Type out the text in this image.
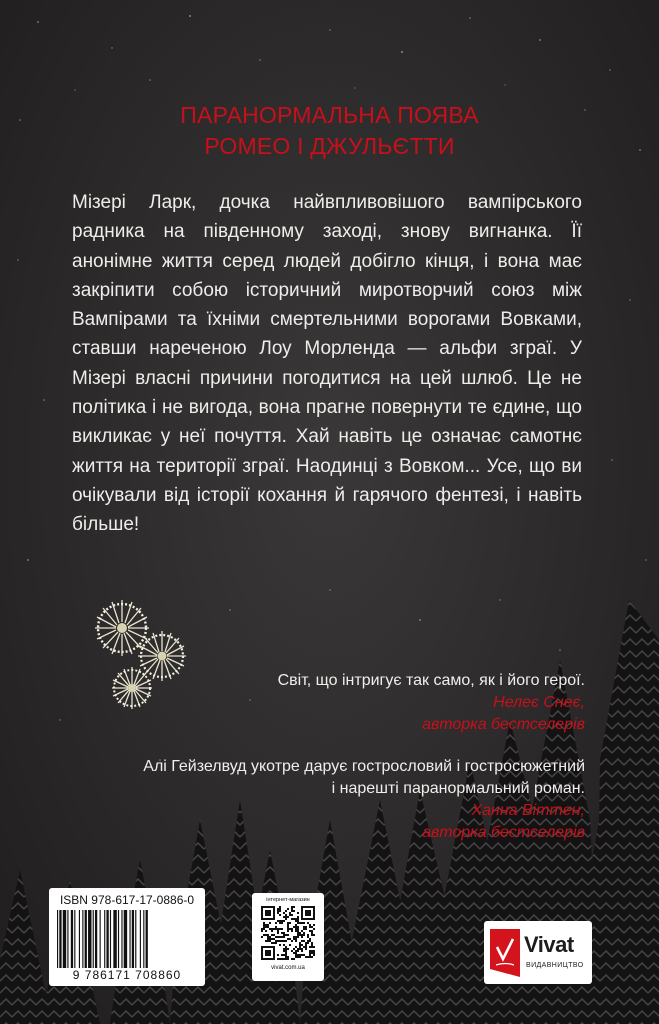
ПАРАНОРМАЛЬНА ПОЯВА
РОМЕО І ДЖУЛЬЄТТИ

Мізері Ларк, дочка найвпливовішого вампірського радника на південному заході, знову вигнанка. Її анонімне життя серед людей добігло кінця, і вона має закріпити собою історичний миротворчий союз між Вампірами та їхніми смертельними ворогами Вовками, ставши нареченою Лоу Морленда — альфи зграї. У Мізері власні причини погодитися на цей шлюб. Це не політика і не вигода, вона прагне повернути те єдине, що викликає у неї почуття. Хай навіть це означає самотнє життя на території зграї. Наодинці з Вовком... Усе, що ви очікували від історії кохання й гарячого фентезі, і навіть більше!

Світ, що інтригує так само, як і його герої.
Нелеє Снеє,
авторка бестселерів
Алі Гейзелвуд укотре дарує гострословий і гостросюжетний
і нарешті паранормальний роман.
Ханна Віттен,
авторка бестселерів
ISBN 978-617-17-0886-0
9 786171 708860
інтернет-магазин
vivat.com.ua
Vivat
ВИДАВНИЦТВО
